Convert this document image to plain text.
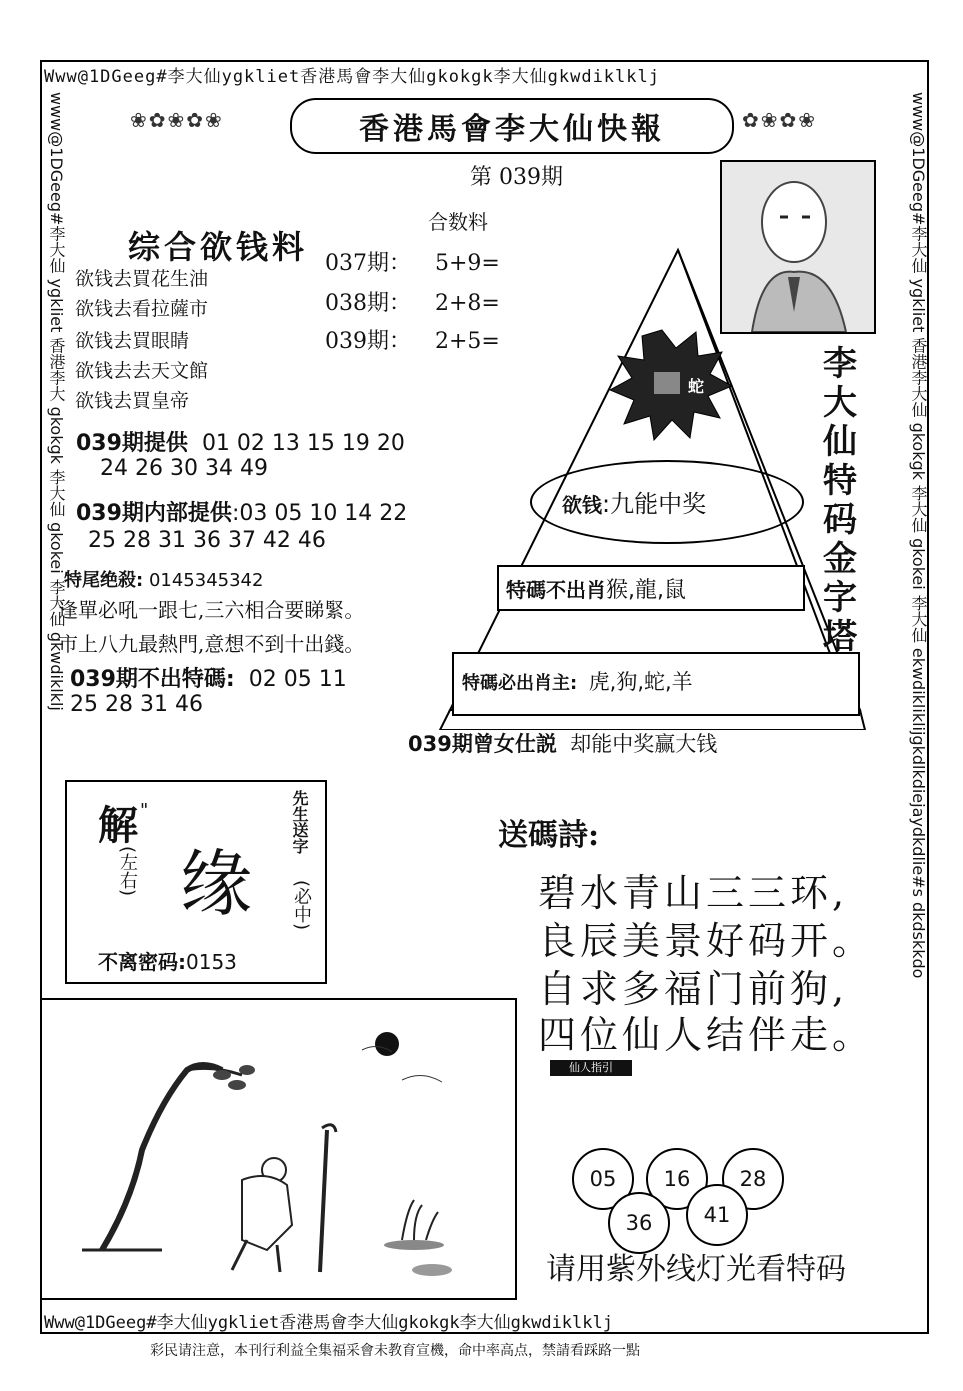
Www@1DGeeg#李大仙ygkliet香港馬會李大仙gkokgk李大仙gkwdiklklj
Www@1DGeeg#李大仙ygkliet香港馬會李大仙gkokgk李大仙gkwdiklklj
彩民请注意，本刊行利益全集福采會未教育宣機，命中率高点，禁請看踩路一點
www@1DGeeg#李大仙 ygkliet 香港李大 gkokgk 李大仙 gkokei 李大仙 gkwdiklklj	www@1DGeeg#李大仙 ygkliet 香港李大仙 gkokgk 李大仙 gkokei 李大仙 ekwdikliklijgkdlkdiejaydkdlie#s dkdskkdo
❀✿❀✿❀	✿❀✿❀
香港馬會李大仙快報
第 039期
合数料
037期： 5+9=
038期： 2+8=
039期： 2+5=
综合欲钱料
欲钱去買花生油
欲钱去看拉薩市
欲钱去買眼睛
欲钱去去天文館
欲钱去買皇帝
039期提供 01 02 13 15 19 20
24 26 30 34 49
039期内部提供:03 05 10 14 22
25 28 31 36 37 42 46
特尾绝殺: 0145345342
逢單必吼一跟七,三六相合要睇緊。
市上八九最熱門,意想不到十出錢。
039期不出特碼: 02 05 11
25 28 31 46
蛇
欲钱:九能中奖
特碼不出肖猴,龍,鼠
特碼必出肖主: 虎,狗,蛇,羊
李大仙特码金字塔
039期曾女仕説 却能中奖赢大钱
解 "
(左右) 缘
先生送字
(必中)
不离密码:0153
送碼詩:
碧水青山三三环,
良辰美景好码开。
自求多福门前狗,
四位仙人结伴走。
仙人指引
05	16	28
36	41
请用紫外线灯光看特码
